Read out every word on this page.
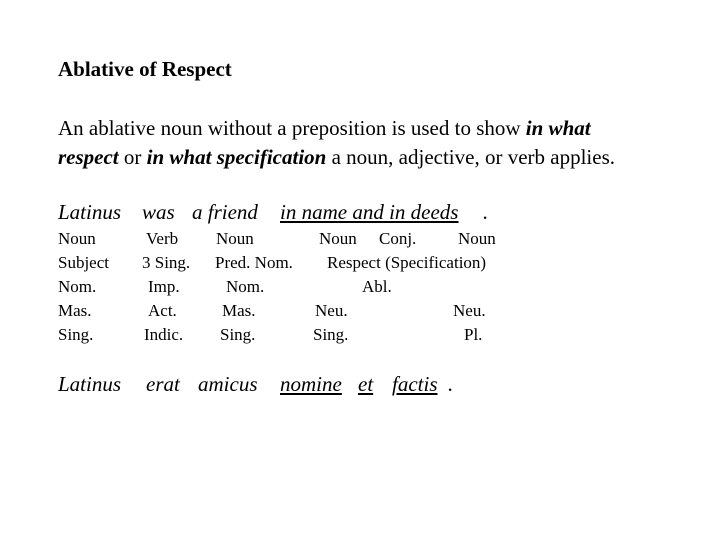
Ablative of Respect

An ablative noun without a preposition is used to show in what
respect or in what specification a noun, adjective, or verb applies.

Latinus was a friend in name and in deeds .
Noun
Subject
Nom.
Mas.
Sing.
Verb
3 Sing.
Imp.
Act.
Indic.
Noun
Pred. Nom.
Nom.
Mas.
Sing.
Noun
Neu.
Sing.
Conj. Noun
Neu.
Pl.
Respect (Specification)
Abl.
Latinus erat amicus nomine et factis .
